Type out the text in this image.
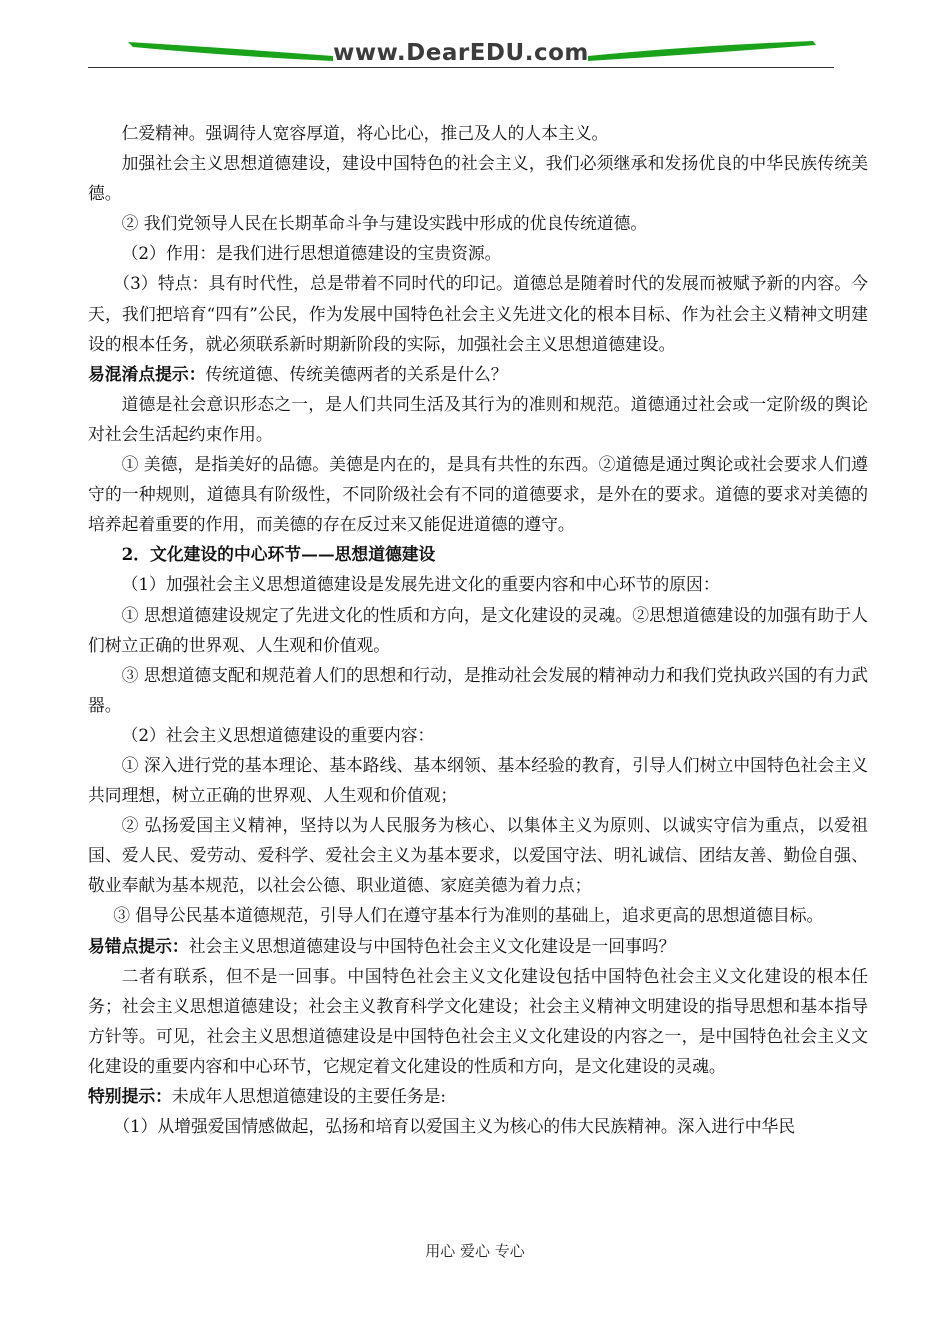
www.DearEDU.com

仁爱精神。强调待人宽容厚道，将心比心，推己及人的人本主义。

加强社会主义思想道德建设，建设中国特色的社会主义，我们必须继承和发扬优良的中华民族传统美德。

② 我们党领导人民在长期革命斗争与建设实践中形成的优良传统道德。

（2）作用：是我们进行思想道德建设的宝贵资源。

（3）特点：具有时代性，总是带着不同时代的印记。道德总是随着时代的发展而被赋予新的内容。今天，我们把培育“四有”公民，作为发展中国特色社会主义先进文化的根本目标、作为社会主义精神文明建设的根本任务，就必须联系新时期新阶段的实际，加强社会主义思想道德建设。

易混淆点提示：传统道德、传统美德两者的关系是什么？

道德是社会意识形态之一，是人们共同生活及其行为的准则和规范。道德通过社会或一定阶级的舆论对社会生活起约束作用。

① 美德，是指美好的品德。美德是内在的，是具有共性的东西。②道德是通过舆论或社会要求人们遵守的一种规则，道德具有阶级性，不同阶级社会有不同的道德要求，是外在的要求。道德的要求对美德的培养起着重要的作用，而美德的存在反过来又能促进道德的遵守。

2．文化建设的中心环节——思想道德建设

（1）加强社会主义思想道德建设是发展先进文化的重要内容和中心环节的原因：

① 思想道德建设规定了先进文化的性质和方向，是文化建设的灵魂。②思想道德建设的加强有助于人们树立正确的世界观、人生观和价值观。

③ 思想道德支配和规范着人们的思想和行动，是推动社会发展的精神动力和我们党执政兴国的有力武器。

（2）社会主义思想道德建设的重要内容：

① 深入进行党的基本理论、基本路线、基本纲领、基本经验的教育，引导人们树立中国特色社会主义共同理想，树立正确的世界观、人生观和价值观；

② 弘扬爱国主义精神，坚持以为人民服务为核心、以集体主义为原则、以诚实守信为重点，以爱祖国、爱人民、爱劳动、爱科学、爱社会主义为基本要求，以爱国守法、明礼诚信、团结友善、勤俭自强、敬业奉献为基本规范，以社会公德、职业道德、家庭美德为着力点；

③ 倡导公民基本道德规范，引导人们在遵守基本行为准则的基础上，追求更高的思想道德目标。

易错点提示：社会主义思想道德建设与中国特色社会主义文化建设是一回事吗？

二者有联系，但不是一回事。中国特色社会主义文化建设包括中国特色社会主义文化建设的根本任务；社会主义思想道德建设；社会主义教育科学文化建设；社会主义精神文明建设的指导思想和基本指导方针等。可见，社会主义思想道德建设是中国特色社会主义文化建设的内容之一，是中国特色社会主义文化建设的重要内容和中心环节，它规定着文化建设的性质和方向，是文化建设的灵魂。

特别提示：未成年人思想道德建设的主要任务是:

（1）从增强爱国情感做起，弘扬和培育以爱国主义为核心的伟大民族精神。深入进行中华民

用心 爱心 专心
